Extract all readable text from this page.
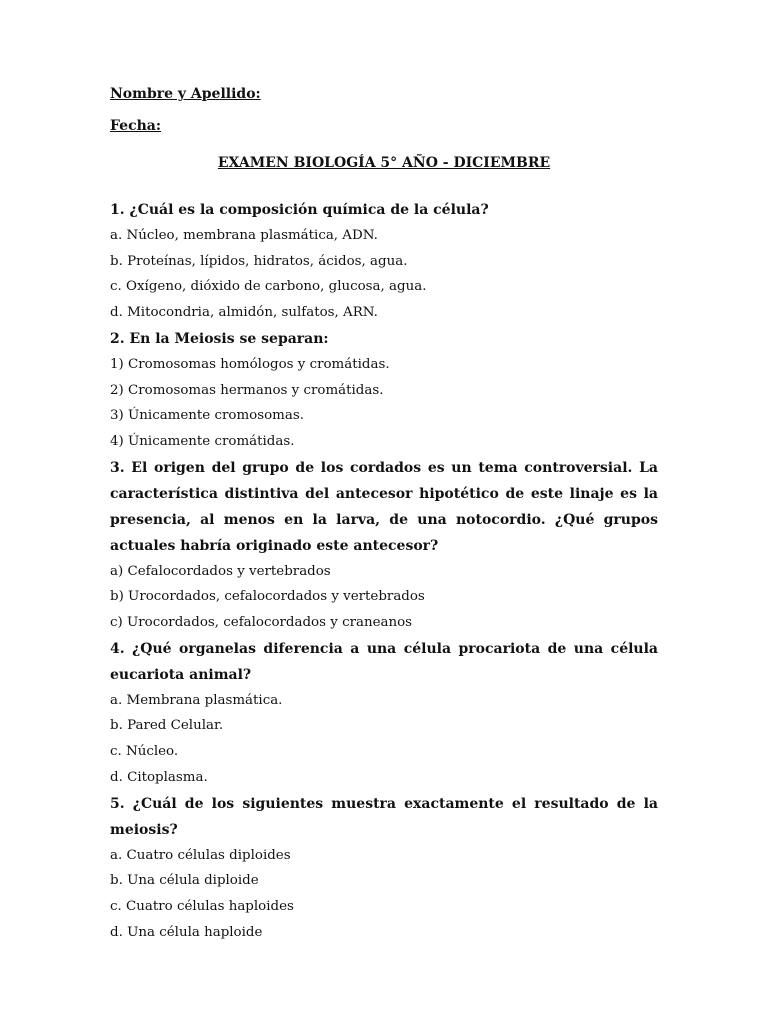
Nombre y Apellido:
Fecha:
EXAMEN BIOLOGÍA 5° AÑO - DICIEMBRE

1. ¿Cuál es la composición química de la célula?

a. Núcleo, membrana plasmática, ADN.

b. Proteínas, lípidos, hidratos, ácidos, agua.

c. Oxígeno, dióxido de carbono, glucosa, agua.

d. Mitocondria, almidón, sulfatos, ARN.

2. En la Meiosis se separan:

1) Cromosomas homólogos y cromátidas.

2) Cromosomas hermanos y cromátidas.

3) Únicamente cromosomas.

4) Únicamente cromátidas.

3. El origen del grupo de los cordados es un tema controversial. La característica distintiva del antecesor hipotético de este linaje es la presencia, al menos en la larva, de una notocordio. ¿Qué grupos actuales habría originado este antecesor?

a) Cefalocordados y vertebrados

b) Urocordados, cefalocordados y vertebrados

c) Urocordados, cefalocordados y craneanos

4. ¿Qué organelas diferencia a una célula procariota de una célula eucariota animal?

a. Membrana plasmática.

b. Pared Celular.

c. Núcleo.

d. Citoplasma.

5. ¿Cuál de los siguientes muestra exactamente el resultado de la meiosis?

a. Cuatro células diploides

b. Una célula diploide

c. Cuatro células haploides

d. Una célula haploide
